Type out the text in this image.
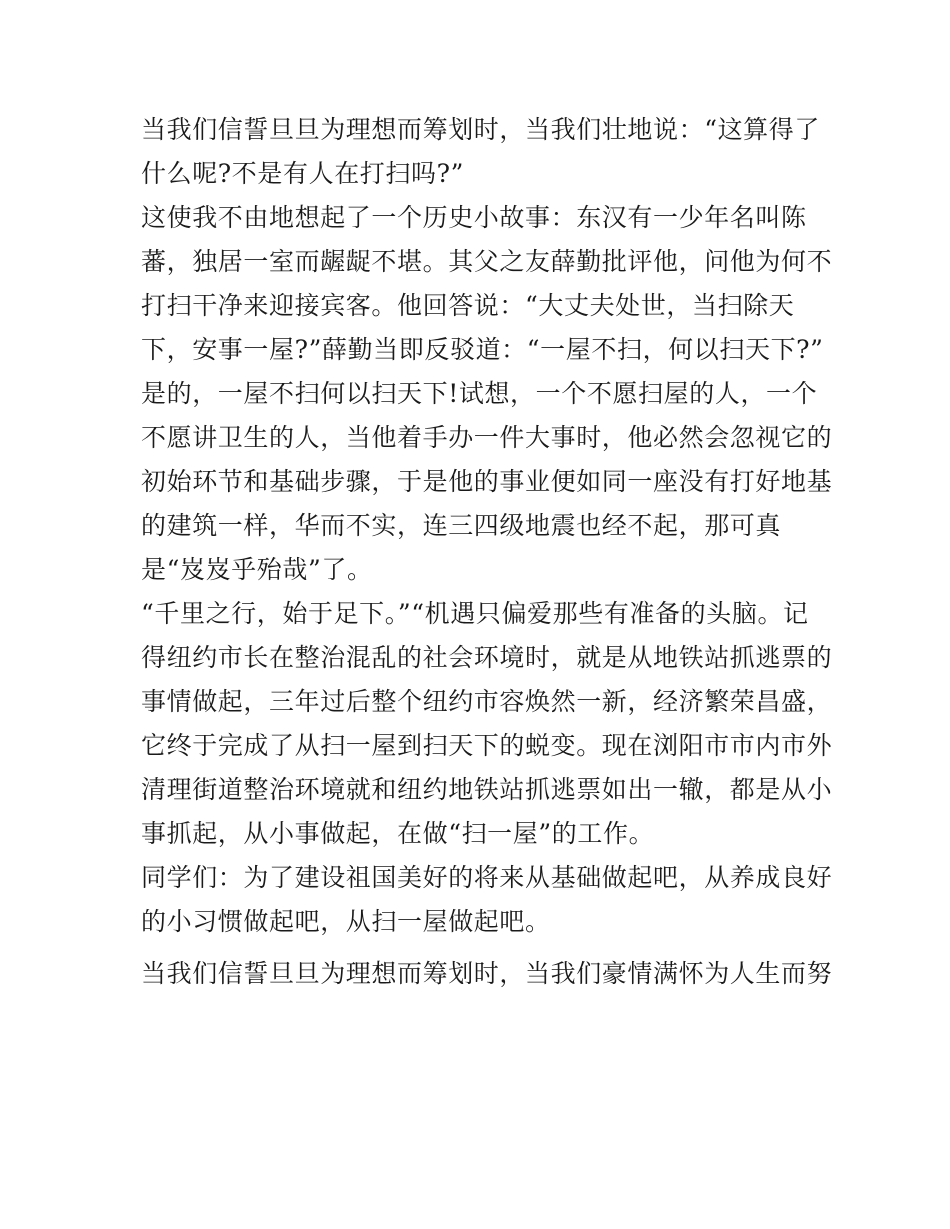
当我们信誓旦旦为理想而筹划时，当我们壮地说：“这算得了
什么呢?不是有人在打扫吗?”
这使我不由地想起了一个历史小故事：东汉有一少年名叫陈
蕃，独居一室而龌龊不堪。其父之友薛勤批评他，问他为何不
打扫干净来迎接宾客。他回答说：“大丈夫处世，当扫除天
下，安事一屋?”薛勤当即反驳道：“一屋不扫，何以扫天下?”
是的，一屋不扫何以扫天下!试想，一个不愿扫屋的人，一个
不愿讲卫生的人，当他着手办一件大事时，他必然会忽视它的
初始环节和基础步骤，于是他的事业便如同一座没有打好地基
的建筑一样，华而不实，连三四级地震也经不起，那可真
是“岌岌乎殆哉”了。
“千里之行，始于足下。”“机遇只偏爱那些有准备的头脑。记
得纽约市长在整治混乱的社会环境时，就是从地铁站抓逃票的
事情做起，三年过后整个纽约市容焕然一新，经济繁荣昌盛，
它终于完成了从扫一屋到扫天下的蜕变。现在浏阳市市内市外
清理街道整治环境就和纽约地铁站抓逃票如出一辙，都是从小
事抓起，从小事做起，在做“扫一屋”的工作。
同学们：为了建设祖国美好的将来从基础做起吧，从养成良好
的小习惯做起吧，从扫一屋做起吧。
当我们信誓旦旦为理想而筹划时，当我们豪情满怀为人生而努
